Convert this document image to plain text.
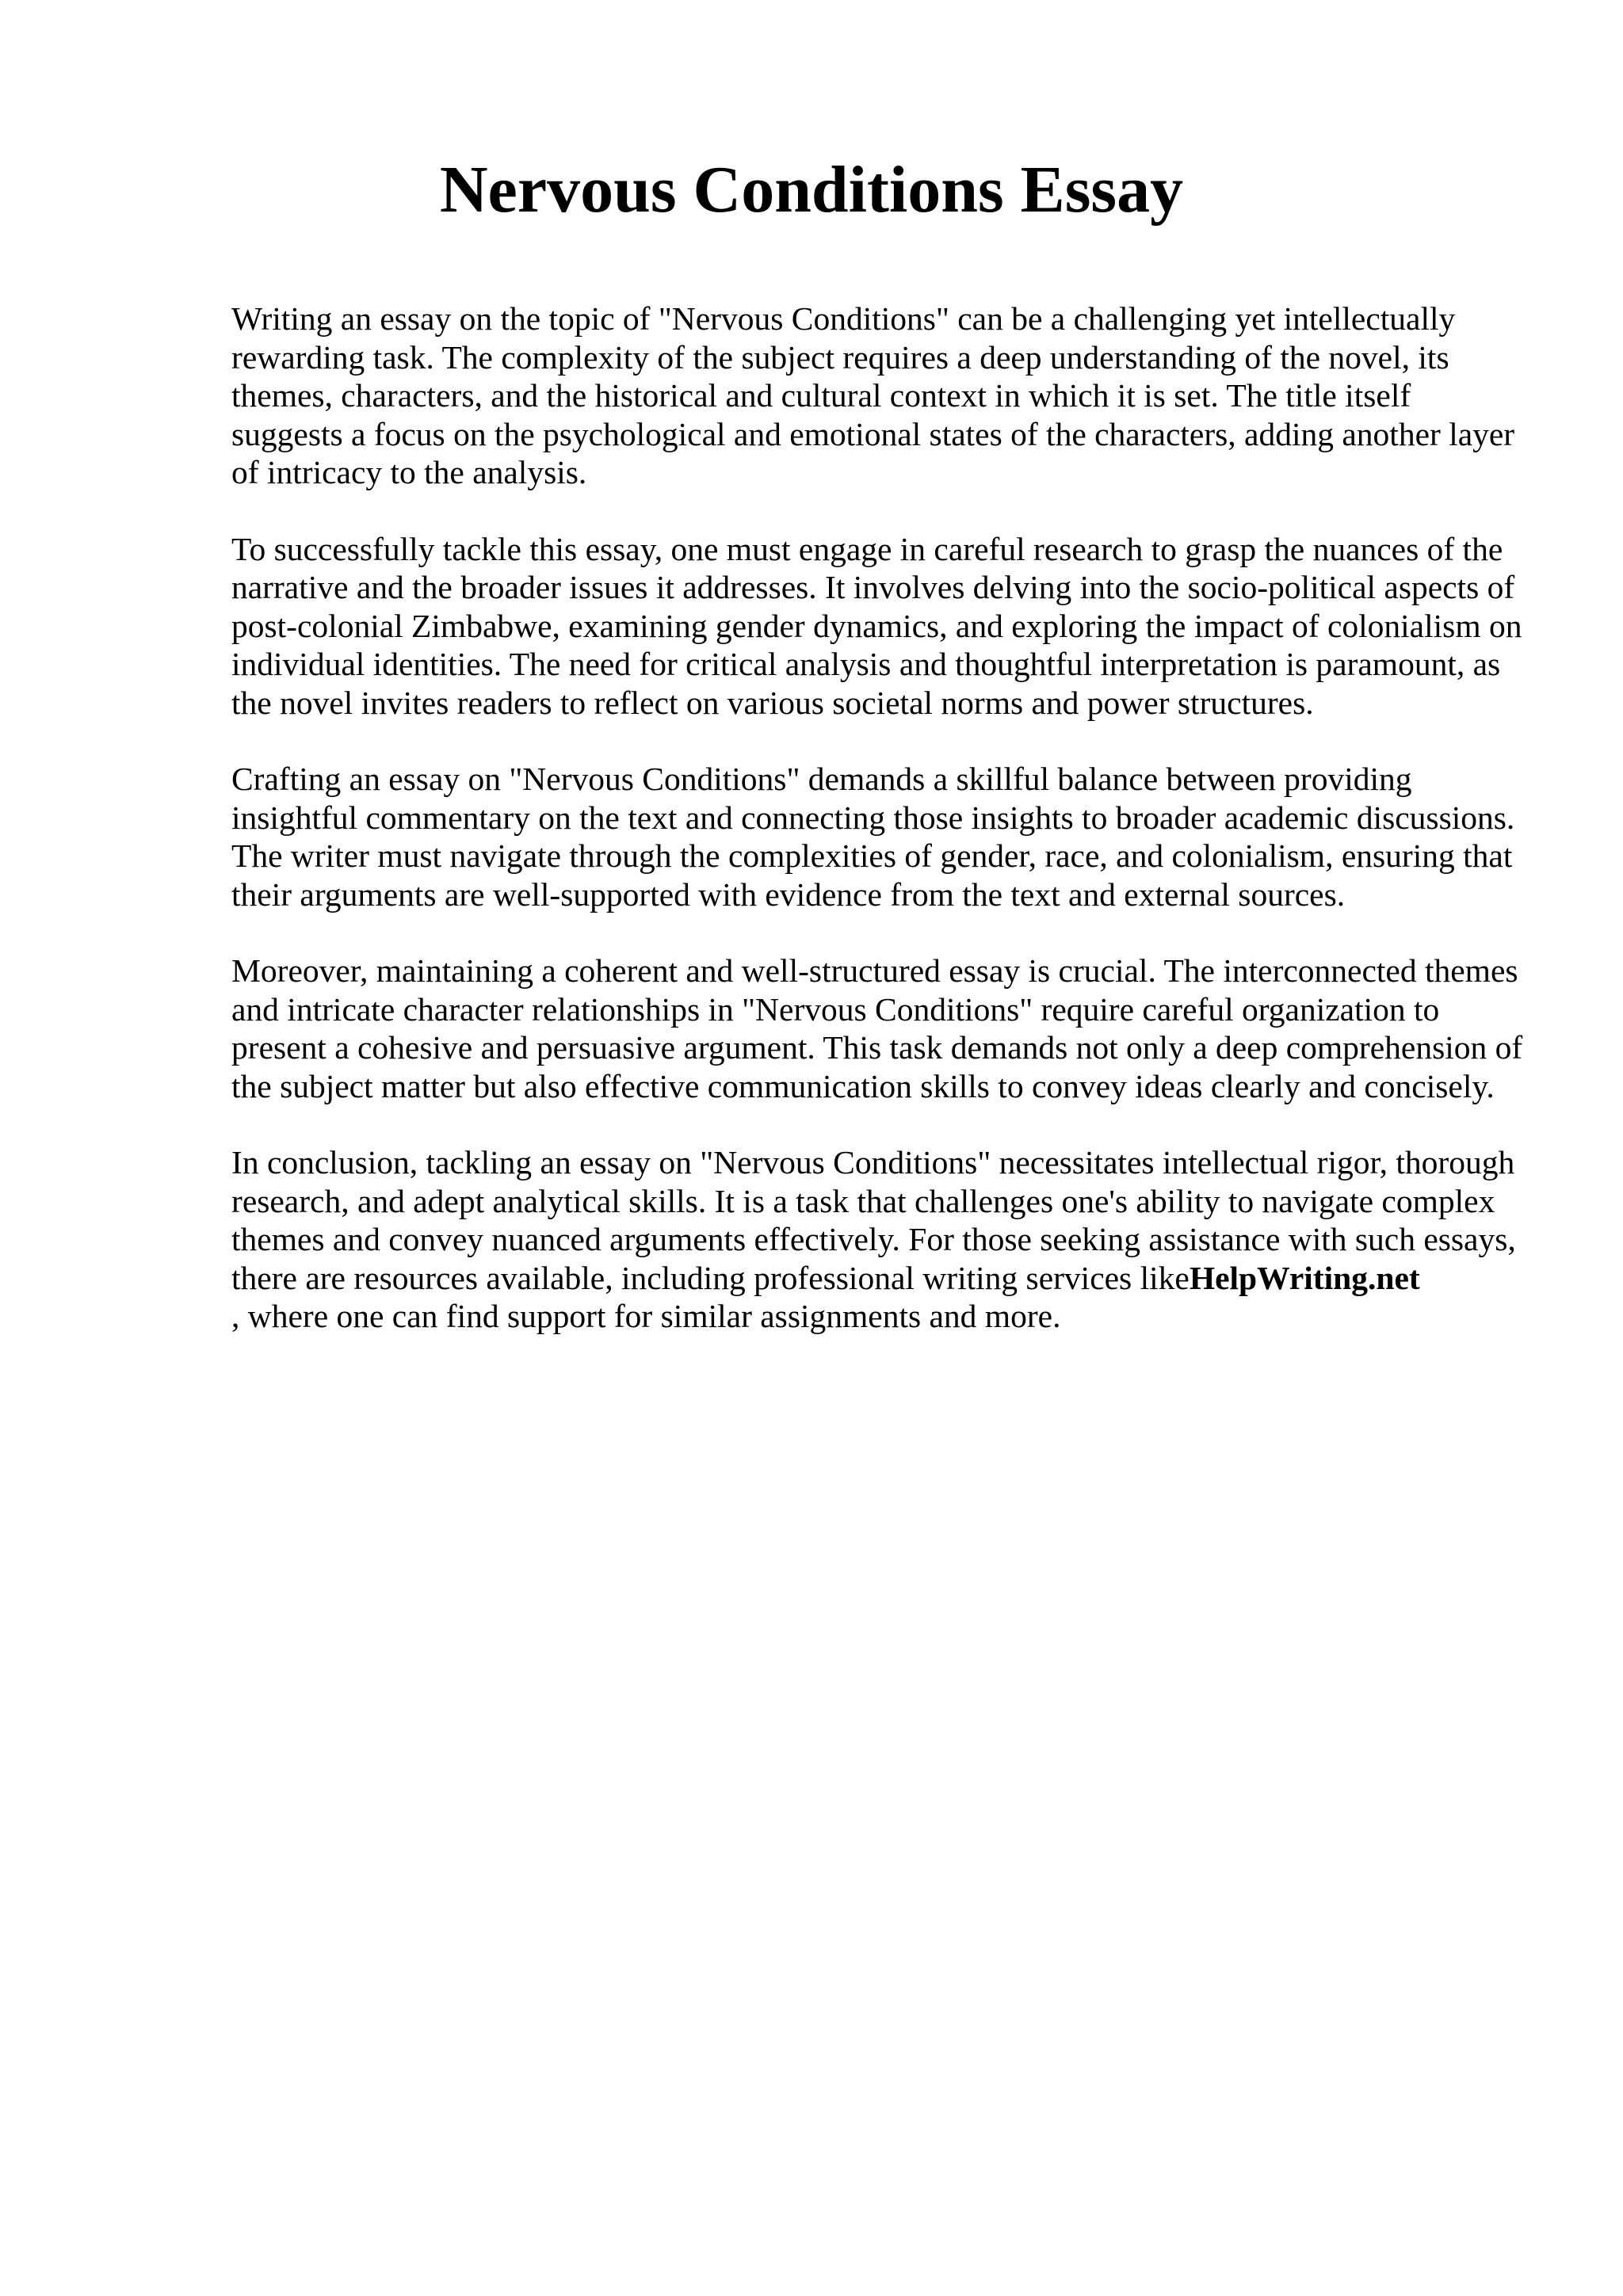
Nervous Conditions Essay

Writing an essay on the topic of "Nervous Conditions" can be a challenging yet intellectually rewarding task. The complexity of the subject requires a deep understanding of the novel, its themes, characters, and the historical and cultural context in which it is set. The title itself suggests a focus on the psychological and emotional states of the characters, adding another layer of intricacy to the analysis.

To successfully tackle this essay, one must engage in careful research to grasp the nuances of the narrative and the broader issues it addresses. It involves delving into the socio-political aspects of post-colonial Zimbabwe, examining gender dynamics, and exploring the impact of colonialism on individual identities. The need for critical analysis and thoughtful interpretation is paramount, as the novel invites readers to reflect on various societal norms and power structures.

Crafting an essay on "Nervous Conditions" demands a skillful balance between providing insightful commentary on the text and connecting those insights to broader academic discussions. The writer must navigate through the complexities of gender, race, and colonialism, ensuring that their arguments are well-supported with evidence from the text and external sources.

Moreover, maintaining a coherent and well-structured essay is crucial. The interconnected themes and intricate character relationships in "Nervous Conditions" require careful organization to present a cohesive and persuasive argument. This task demands not only a deep comprehension of the subject matter but also effective communication skills to convey ideas clearly and concisely.

In conclusion, tackling an essay on "Nervous Conditions" necessitates intellectual rigor, thorough research, and adept analytical skills. It is a task that challenges one's ability to navigate complex themes and convey nuanced arguments effectively. For those seeking assistance with such essays, there are resources available, including professional writing services likeHelpWriting.net
, where one can find support for similar assignments and more.
